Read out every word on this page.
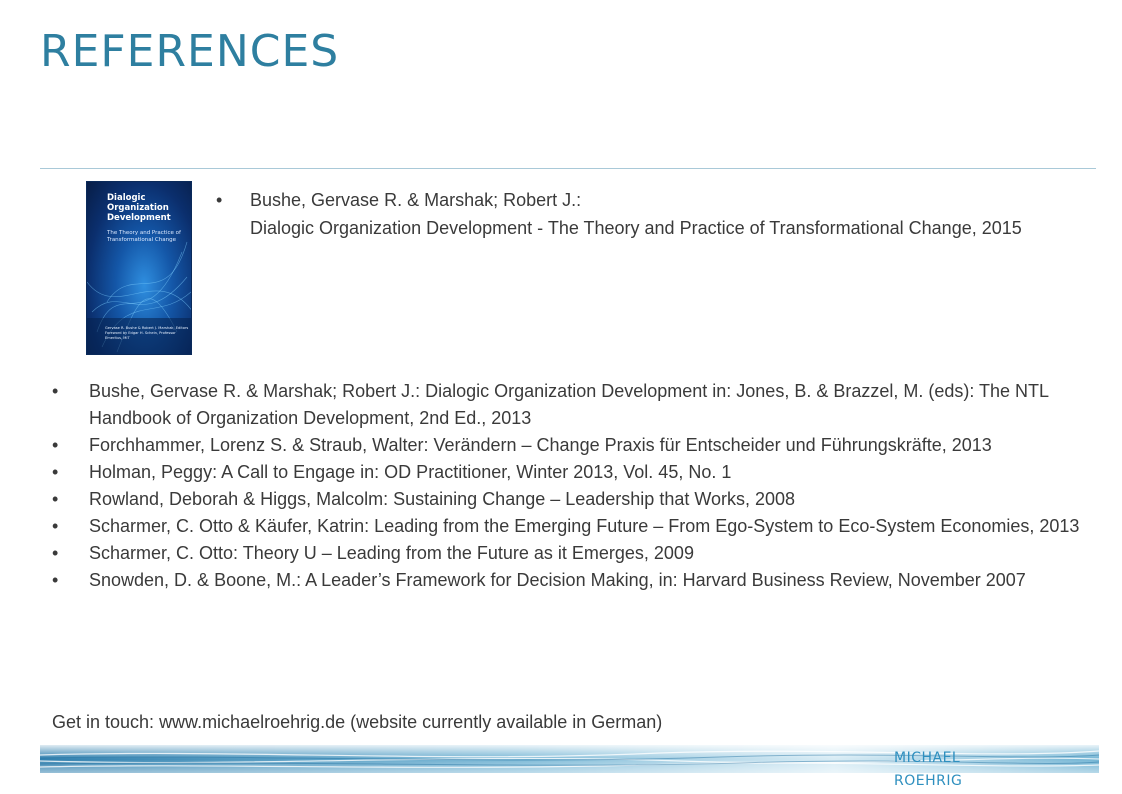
REFERENCES
Dialogic Organization Development
The Theory and Practice of Transformational Change
Gervase R. Bushe & Robert J. Marshak, Editors
Foreword by Edgar H. Schein, Professor Emeritus, MIT
• Bushe, Gervase R. & Marshak; Robert J.:
Dialogic Organization Development - The Theory and Practice of Transformational Change, 2015
• Bushe, Gervase R. & Marshak; Robert J.: Dialogic Organization Development in: Jones, B. & Brazzel, M. (eds): The NTL Handbook of Organization Development, 2nd Ed., 2013
• Forchhammer, Lorenz S. & Straub, Walter: Verändern – Change Praxis für Entscheider und Führungskräfte, 2013
• Holman, Peggy: A Call to Engage in: OD Practitioner, Winter 2013, Vol. 45, No. 1
• Rowland, Deborah & Higgs, Malcolm: Sustaining Change – Leadership that Works, 2008
• Scharmer, C. Otto & Käufer, Katrin: Leading from the Emerging Future – From Ego-System to Eco-System Economies, 2013
• Scharmer, C. Otto: Theory U – Leading from the Future as it Emerges, 2009
• Snowden, D. & Boone, M.: A Leader’s Framework for Decision Making, in: Harvard Business Review, November 2007
Get in touch: www.michaelroehrig.de (website currently available in German)
MICHAEL
ROEHRIG
